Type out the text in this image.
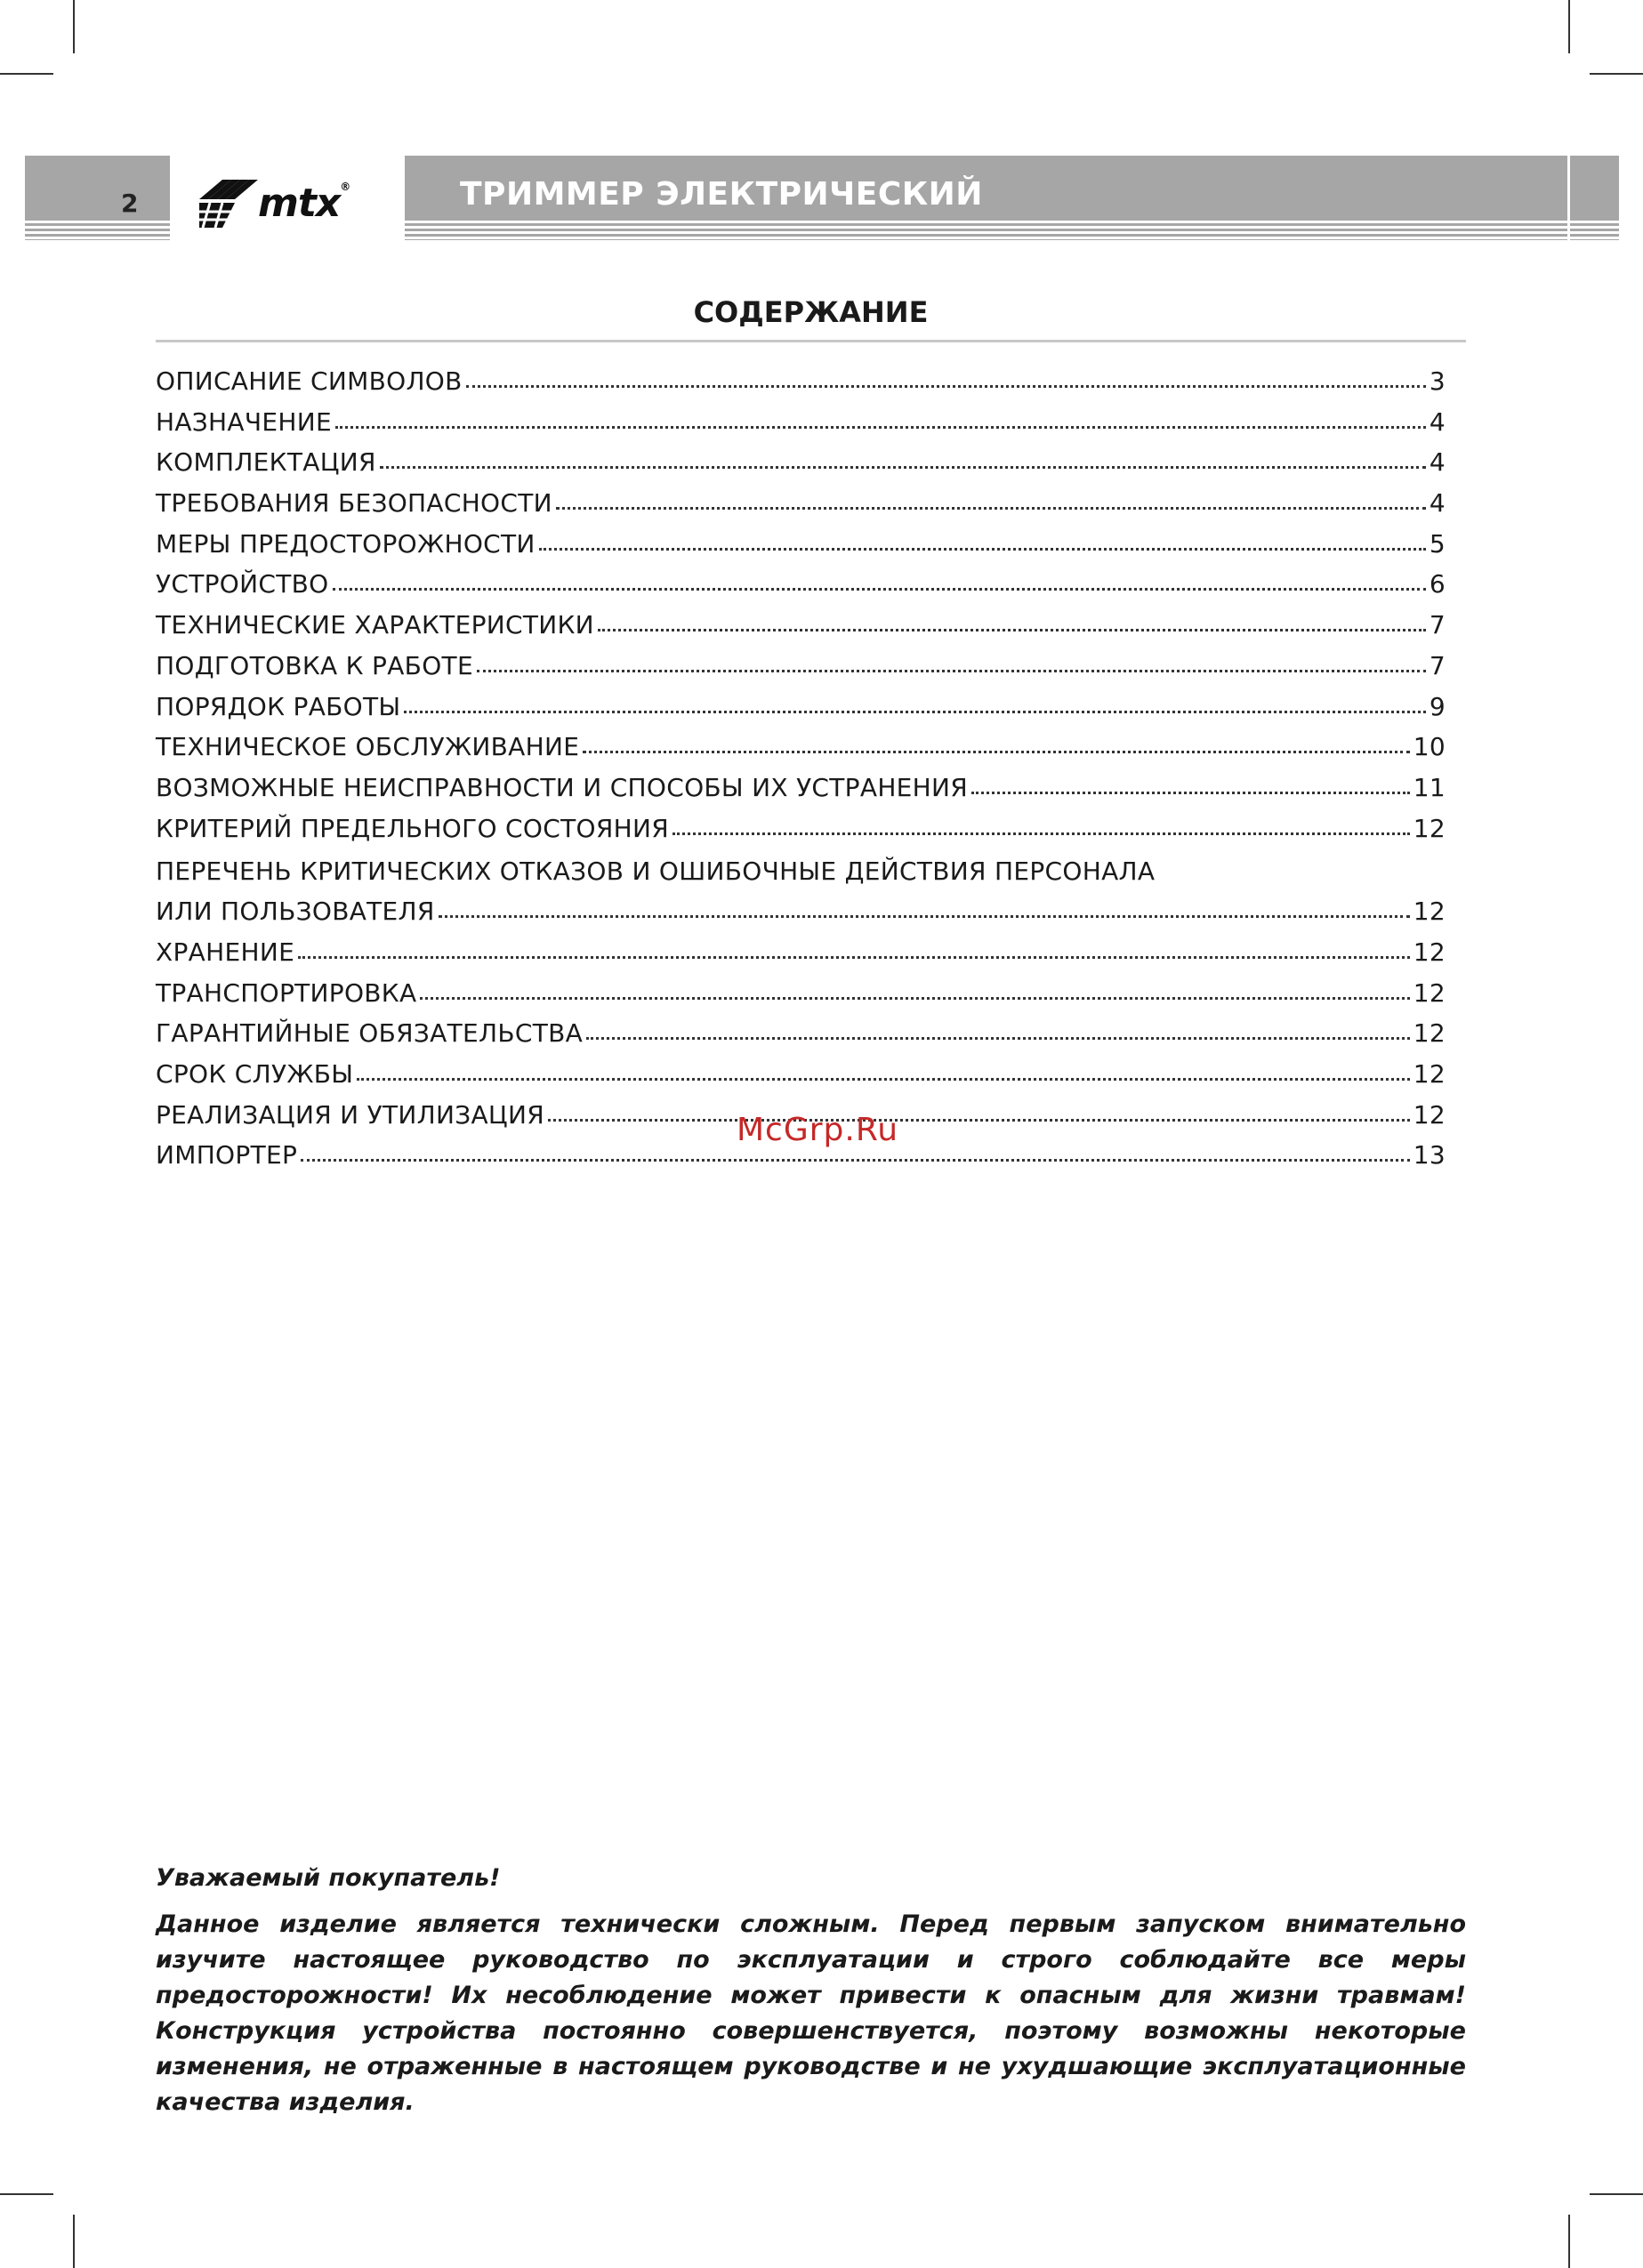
2	mtx®	ТРИММЕР ЭЛЕКТРИЧЕСКИЙ
СОДЕРЖАНИЕ
ОПИСАНИЕ СИМВОЛОВ	3
НАЗНАЧЕНИЕ	4
КОМПЛЕКТАЦИЯ	4
ТРЕБОВАНИЯ БЕЗОПАСНОСТИ	4
МЕРЫ ПРЕДОСТОРОЖНОСТИ	5
УСТРОЙСТВО	6
ТЕХНИЧЕСКИЕ ХАРАКТЕРИСТИКИ	7
ПОДГОТОВКА К РАБОТЕ	7
ПОРЯДОК РАБОТЫ	9
ТЕХНИЧЕСКОЕ ОБСЛУЖИВАНИЕ	10
ВОЗМОЖНЫЕ НЕИСПРАВНОСТИ И СПОСОБЫ ИХ УСТРАНЕНИЯ	11
КРИТЕРИЙ ПРЕДЕЛЬНОГО СОСТОЯНИЯ	12
ПЕРЕЧЕНЬ КРИТИЧЕСКИХ ОТКАЗОВ И ОШИБОЧНЫЕ ДЕЙСТВИЯ ПЕРСОНАЛА
ИЛИ ПОЛЬЗОВАТЕЛЯ	12
ХРАНЕНИЕ	12
ТРАНСПОРТИРОВКА	12
ГАРАНТИЙНЫЕ ОБЯЗАТЕЛЬСТВА	12
СРОК СЛУЖБЫ	12
РЕАЛИЗАЦИЯ И УТИЛИЗАЦИЯ	12
ИМПОРТЕР	13
McGrp.Ru
Уважаемый покупатель!
Данное изделие является технически сложным. Перед первым запуском внимательно изучите настоящее руководство по эксплуатации и строго соблюдайте все меры предосторожности! Их несоблюдение может привести к опасным для жизни травмам! Конструкция устройства постоянно совершенствуется, поэтому возможны некоторые изменения, не отраженные в настоящем руководстве и не ухудшающие эксплуатационные качества изделия.
